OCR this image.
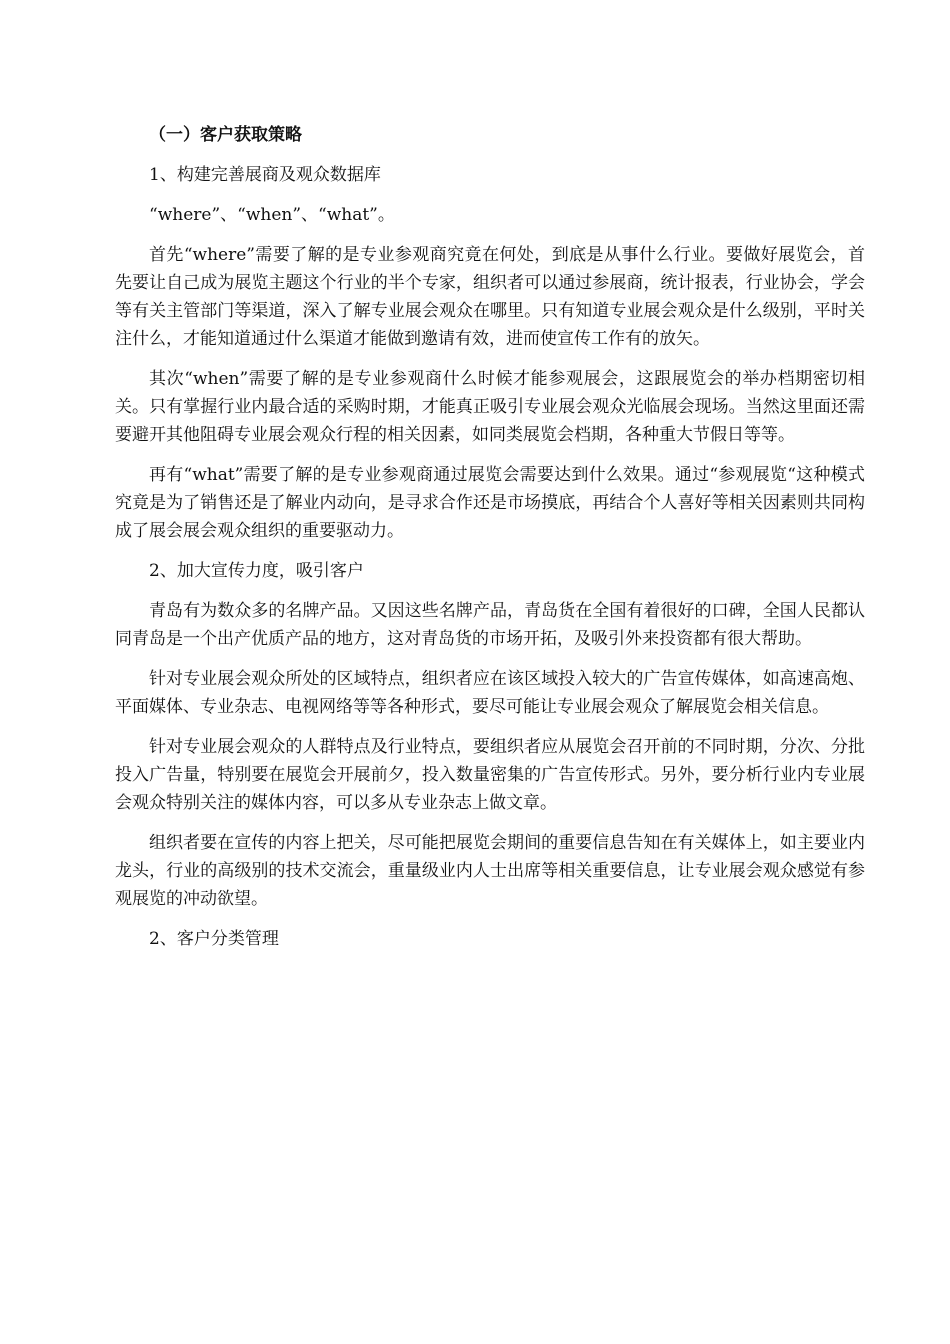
（一）客户获取策略
1、构建完善展商及观众数据库
“where”、“when”、“what”。

首先“where”需要了解的是专业参观商究竟在何处，到底是从事什么行业。要做好展览会，首先要让自己成为展览主题这个行业的半个专家，组织者可以通过参展商，统计报表，行业协会，学会等有关主管部门等渠道，深入了解专业展会观众在哪里。只有知道专业展会观众是什么级别，平时关注什么，才能知道通过什么渠道才能做到邀请有效，进而使宣传工作有的放矢。

其次“when”需要了解的是专业参观商什么时候才能参观展会，这跟展览会的举办档期密切相关。只有掌握行业内最合适的采购时期，才能真正吸引专业展会观众光临展会现场。当然这里面还需要避开其他阻碍专业展会观众行程的相关因素，如同类展览会档期，各种重大节假日等等。

再有“what”需要了解的是专业参观商通过展览会需要达到什么效果。通过“参观展览“这种模式究竟是为了销售还是了解业内动向，是寻求合作还是市场摸底，再结合个人喜好等相关因素则共同构成了展会展会观众组织的重要驱动力。

2、加大宣传力度，吸引客户

青岛有为数众多的名牌产品。又因这些名牌产品，青岛货在全国有着很好的口碑，全国人民都认同青岛是一个出产优质产品的地方，这对青岛货的市场开拓，及吸引外来投资都有很大帮助。

针对专业展会观众所处的区域特点，组织者应在该区域投入较大的广告宣传媒体，如高速高炮、平面媒体、专业杂志、电视网络等等各种形式，要尽可能让专业展会观众了解展览会相关信息。

针对专业展会观众的人群特点及行业特点，要组织者应从展览会召开前的不同时期，分次、分批投入广告量，特别要在展览会开展前夕，投入数量密集的广告宣传形式。另外，要分析行业内专业展会观众特别关注的媒体内容，可以多从专业杂志上做文章。

组织者要在宣传的内容上把关，尽可能把展览会期间的重要信息告知在有关媒体上，如主要业内龙头，行业的高级别的技术交流会，重量级业内人士出席等相关重要信息，让专业展会观众感觉有参观展览的冲动欲望。

2、客户分类管理
